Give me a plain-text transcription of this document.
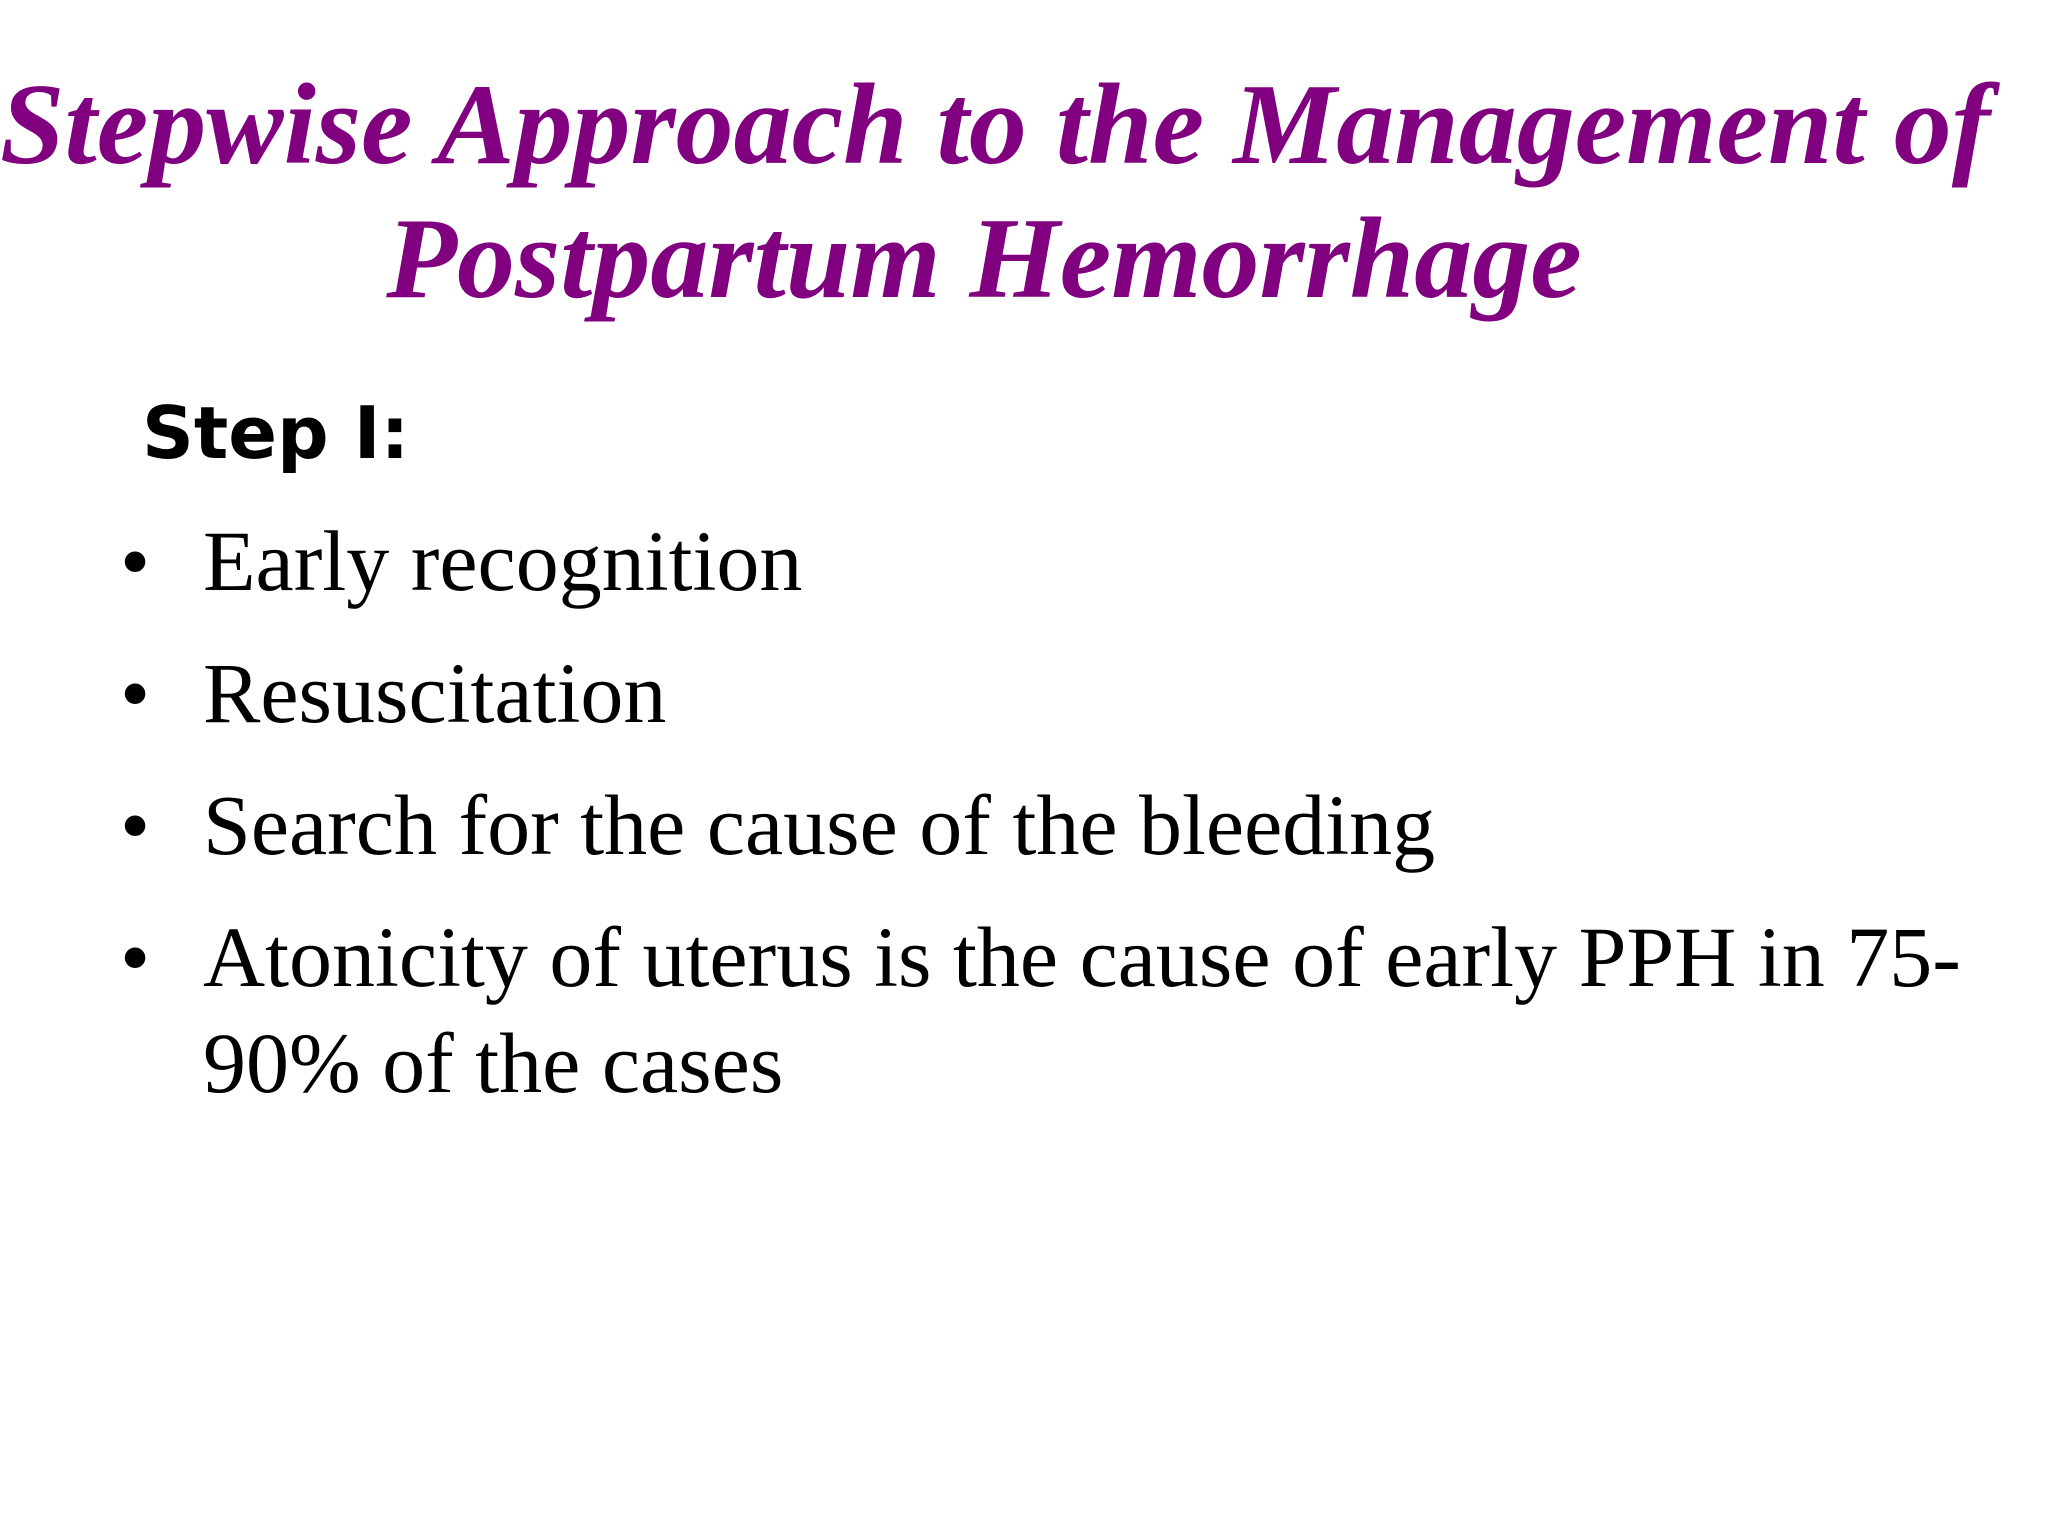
Stepwise Approach to the Management of
Postpartum Hemorrhage
Step I:
• Early recognition
• Resuscitation
• Search for the cause of the bleeding
• Atonicity of uterus is the cause of early PPH in 75-90% of the cases
